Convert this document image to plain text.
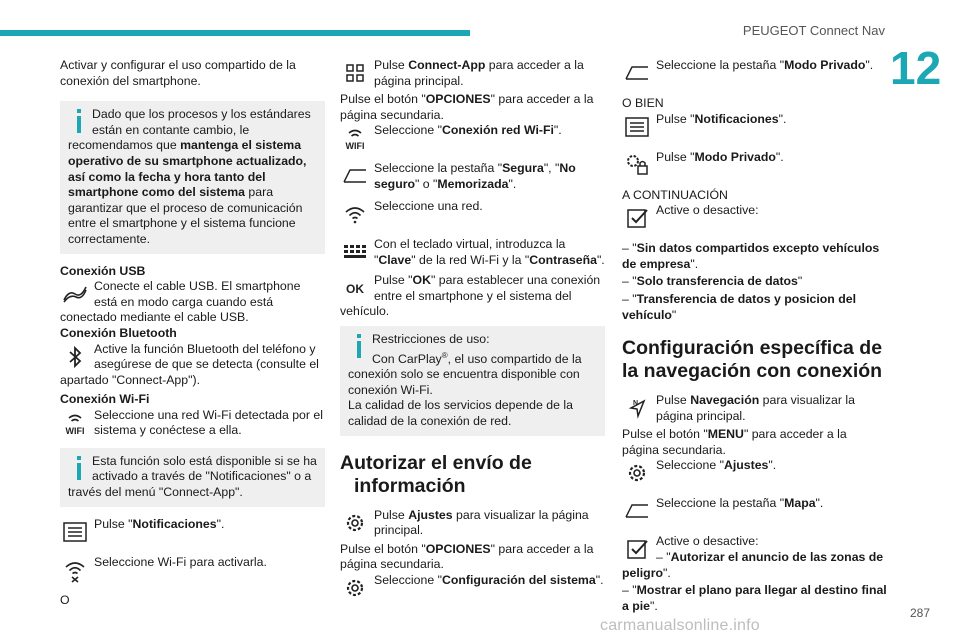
PEUGEOT Connect Nav
12
287
carmanualsonline.info

Activar y configurar el uso compartido de la conexión del smartphone.

Dado que los procesos y los estándares están en contante cambio, le recomendamos que mantenga el sistema operativo de su smartphone actualizado, así como la fecha y hora tanto del smartphone como del sistema para garantizar que el proceso de comunicación entre el smartphone y el sistema funcione correctamente.

Conexión USB

Conecte el cable USB. El smartphone está en modo carga cuando está conectado mediante el cable USB.

Conexión Bluetooth

Active la función Bluetooth del teléfono y asegúrese de que se detecta (consulte el apartado "Connect-App").

Conexión Wi-Fi

WIFI
Seleccione una red Wi-Fi detectada por el sistema y conéctese a ella.
Esta función solo está disponible si se ha activado a través de "Notificaciones" o a través del menú "Connect-App".
Pulse "Notificaciones".
Seleccione Wi-Fi para activarla.

O

Pulse Connect-App para acceder a la página principal.

Pulse el botón "OPCIONES" para acceder a la página secundaria.

WIFI
Seleccione "Conexión red Wi-Fi".
Seleccione la pestaña "Segura", "No seguro" o "Memorizada".
Seleccione una red.
Con el teclado virtual, introduzca la "Clave" de la red Wi-Fi y la "Contraseña".
OK
Pulse "OK" para establecer una conexión entre el smartphone y el sistema del vehículo.
Restricciones de uso:
Con CarPlay®, el uso compartido de la conexión solo se encuentra disponible con conexión Wi-Fi.
La calidad de los servicios depende de la calidad de la conexión de red.
Autorizar el envío de
información
Pulse Ajustes para visualizar la página principal.

Pulse el botón "OPCIONES" para acceder a la página secundaria.

Seleccione "Configuración del sistema".
Seleccione la pestaña "Modo Privado".

O BIEN

Pulse "Notificaciones".
Pulse "Modo Privado".

A CONTINUACIÓN

Active o desactive:

– "Sin datos compartidos excepto vehículos de empresa".

– "Solo transferencia de datos"

– "Transferencia de datos y posicion del vehículo"

Configuración específica de
la navegación con conexión
N Pulse Navegación para visualizar la página principal.

Pulse el botón "MENU" para acceder a la página secundaria.

Seleccione "Ajustes".
Seleccione la pestaña "Mapa".
Active o desactive:
– "Autorizar el anuncio de las zonas de peligro".

– "Mostrar el plano para llegar al destino final a pie".
